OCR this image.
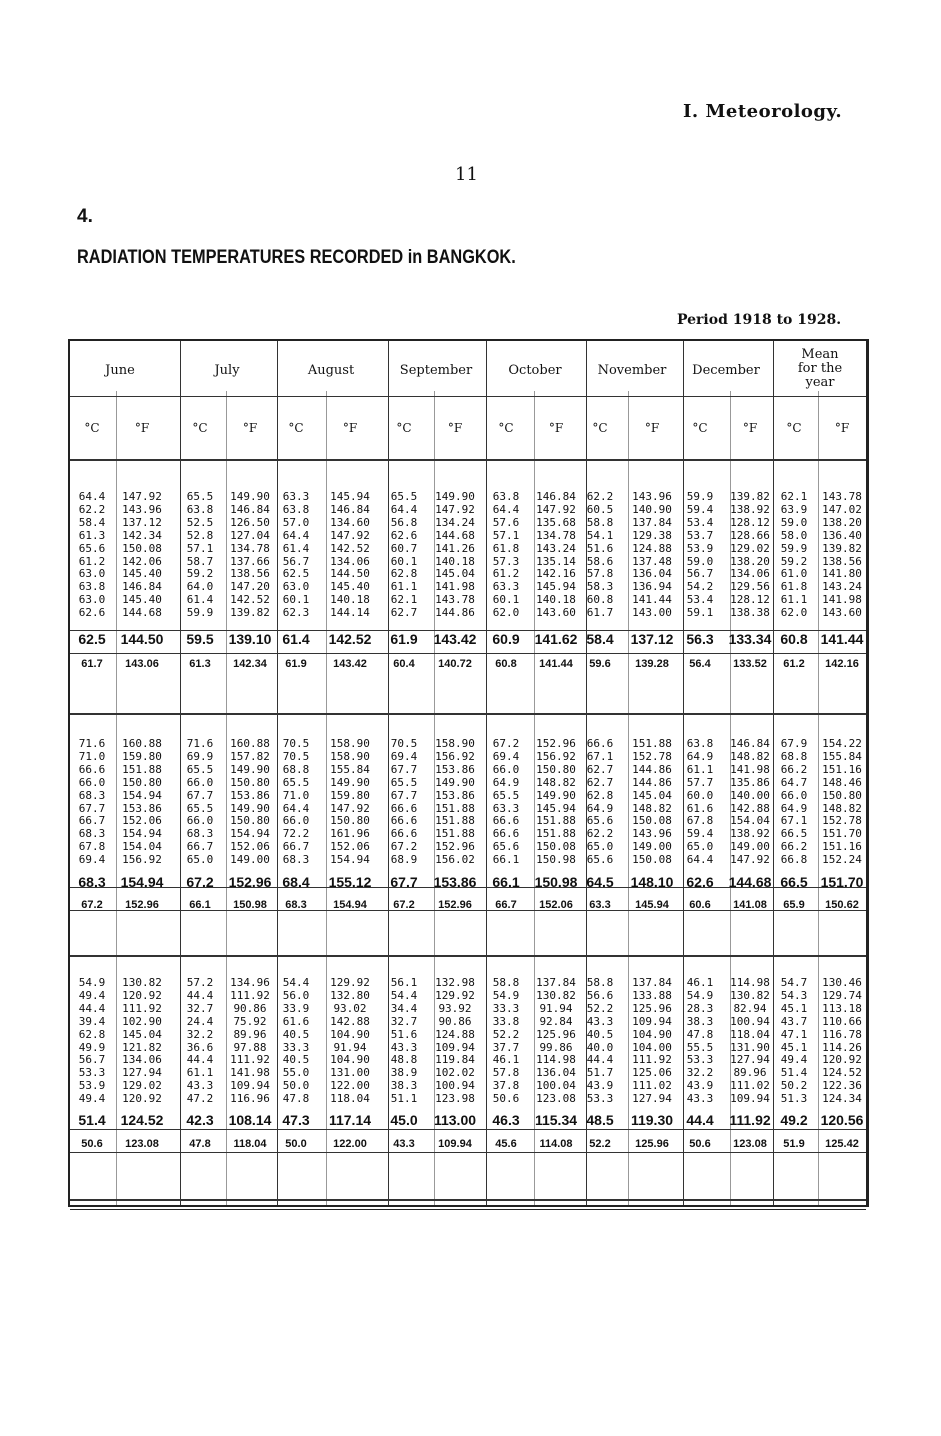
I. Meteorology.
11
4.
RADIATION TEMPERATURES RECORDED in BANGKOK.
Period 1918 to 1928.
June	July	August	September	October	November	December
Mean
for the
year
°C	°F	°C	°F	°C	°F	°C	°F	°C	°F	°C	°F	°C	°F	°C	°F
64.4	147.92	65.5	149.90	63.3	145.94	65.5	149.90	63.8	146.84 62.2	143.96	59.9	139.82 62.1	143.78
62.2	143.96	63.8	146.84	63.8	146.84	64.4	147.92	64.4	147.92 60.5	140.90	59.4	138.92 63.9	147.02
58.4	137.12	52.5	126.50	57.0	134.60	56.8	134.24	57.6	135.68 58.8	137.84	53.4	128.12 59.0	138.20
61.3	142.34	52.8	127.04	64.4	147.92	62.6	144.68	57.1	134.78 54.1	129.38	53.7	128.66 58.0	136.40
65.6	150.08	57.1	134.78	61.4	142.52	60.7	141.26	61.8	143.24 51.6	124.88	53.9	129.02 59.9	139.82
61.2	142.06	58.7	137.66	56.7	134.06	60.1	140.18	57.3	135.14 58.6	137.48	59.0	138.20 59.2	138.56
63.0	145.40	59.2	138.56	62.5	144.50	62.8	145.04	61.2	142.16 57.8	136.04	56.7	134.06 61.0	141.80
63.8	146.84	64.0	147.20	63.0	145.40	61.1	141.98	63.3	145.94 58.3	136.94	54.2	129.56 61.8	143.24
63.0	145.40	61.4	142.52	60.1	140.18	62.1	143.78	60.1	140.18 60.8	141.44	53.4	128.12 61.1	141.98
62.6	144.68	59.9	139.82	62.3	144.14	62.7	144.86	62.0	143.60 61.7	143.00	59.1	138.38 62.0	143.60
62.5	144.50	59.5	139.10 61.4	142.52	61.9	143.42	60.9	141.62 58.4	137.12 56.3	133.34 60.8 141.44
61.7	143.06	61.3	142.34	61.9	143.42	60.4	140.72	60.8	141.44	59.6	139.28	56.4	133.52	61.2	142.16
71.6	160.88	71.6	160.88	70.5	158.90	70.5	158.90	67.2	152.96 66.6	151.88	63.8	146.84 67.9	154.22
71.0	159.80	69.9	157.82	70.5	158.90	69.4	156.92	69.4	156.92 67.1	152.78	64.9	148.82 68.8	155.84
66.6	151.88	65.5	149.90	68.8	155.84	67.7	153.86	66.0	150.80 62.7	144.86	61.1	141.98 66.2	151.16
66.0	150.80	66.0	150.80	65.5	149.90	65.5	149.90	64.9	148.82 62.7	144.86	57.7	135.86 64.7	148.46
68.3	154.94	67.7	153.86	71.0	159.80	67.7	153.86	65.5	149.90 62.8	145.04	60.0	140.00 66.0	150.80
67.7	153.86	65.5	149.90	64.4	147.92	66.6	151.88	63.3	145.94 64.9	148.82	61.6	142.88 64.9	148.82
66.7	152.06	66.0	150.80	66.0	150.80	66.6	151.88	66.6	151.88 65.6	150.08	67.8	154.04 67.1	152.78
68.3	154.94	68.3	154.94	72.2	161.96	66.6	151.88	66.6	151.88 62.2	143.96	59.4	138.92 66.5	151.70
67.8	154.04	66.7	152.06	66.7	152.06	67.2	152.96	65.6	150.08 65.0	149.00	65.0	149.00 66.2	151.16
69.4	156.92	65.0	149.00	68.3	154.94	68.9	156.02	66.1	150.98 65.6	150.08	64.4	147.92 66.8	152.24
68.3	154.94	67.2	152.96 68.4	155.12	67.7	153.86	66.1	150.98 64.5	148.10 62.6	144.68 66.5 151.70
67.2	152.96	66.1	150.98	68.3	154.94	67.2	152.96	66.7	152.06	63.3	145.94	60.6	141.08	65.9	150.62
54.9	130.82	57.2	134.96	54.4	129.92	56.1	132.98	58.8	137.84 58.8	137.84	46.1	114.98 54.7	130.46
49.4	120.92	44.4	111.92	56.0	132.80	54.4	129.92	54.9	130.82 56.6	133.88	54.9	130.82 54.3	129.74
44.4	111.92	32.7	90.86	33.9	93.02	34.4	93.92	33.3	91.94	52.2	125.96	28.3	82.94	45.1	113.18
39.4	102.90	24.4	75.92	61.6	142.88	32.7	90.86	33.8	92.84	43.3	109.94	38.3	100.94 43.7	110.66
62.8	145.04	32.2	89.96	40.5	104.90	51.6	124.88	52.2	125.96 40.5	104.90	47.8	118.04 47.1	116.78
49.9	121.82	36.6	97.88	33.3	91.94	43.3	109.94	37.7	99.86	40.0	104.00	55.5	131.90 45.1	114.26
56.7	134.06	44.4	111.92	40.5	104.90	48.8	119.84	46.1	114.98 44.4	111.92	53.3	127.94 49.4	120.92
53.3	127.94	61.1	141.98	55.0	131.00	38.9	102.02	57.8	136.04 51.7	125.06	32.2	89.96	51.4	124.52
53.9	129.02	43.3	109.94	50.0	122.00	38.3	100.94	37.8	100.04 43.9	111.02	43.9	111.02 50.2	122.36
49.4	120.92	47.2	116.96	47.8	118.04	51.1	123.98	50.6	123.08 53.3	127.94	43.3	109.94 51.3	124.34
51.4	124.52	42.3	108.14 47.3	117.14	45.0	113.00	46.3	115.34 48.5	119.30 44.4	111.92 49.2 120.56
50.6	123.08	47.8	118.04	50.0	122.00	43.3	109.94	45.6	114.08	52.2	125.96	50.6	123.08	51.9	125.42
